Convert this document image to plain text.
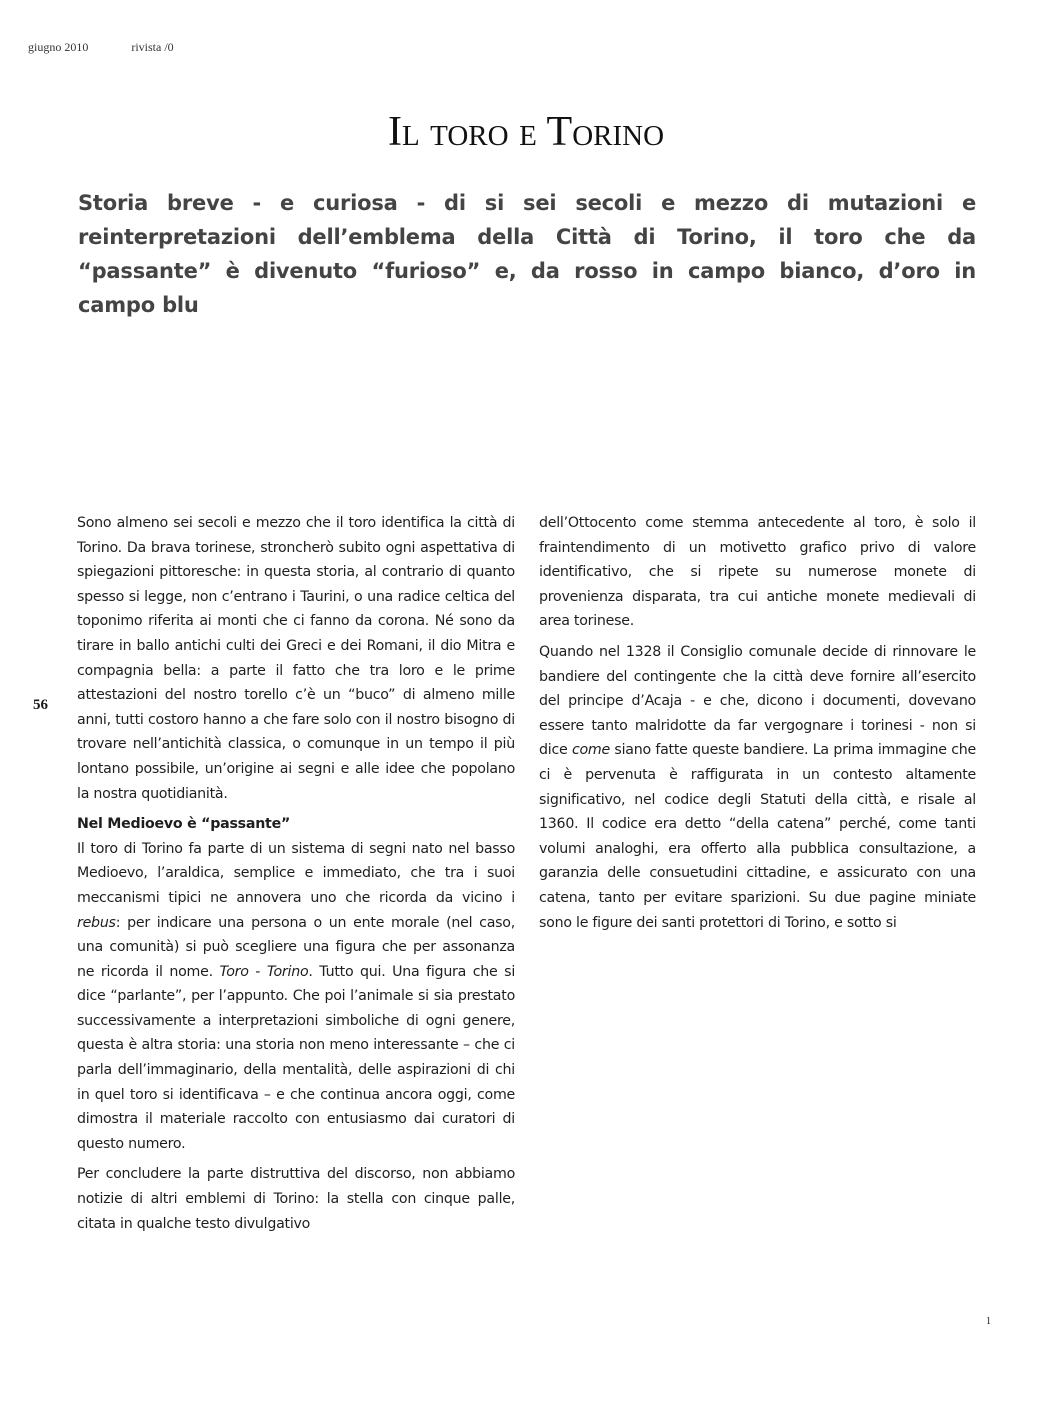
giugno 2010	rivista /0
Il toro e Torino

Storia breve - e curiosa - di si sei secoli e mezzo di mutazioni e reinterpretazioni dell’emblema della Città di Torino, il toro che da “passante” è divenuto “furioso” e, da rosso in campo bianco, d’oro in campo blu

56

Sono almeno sei secoli e mezzo che il toro identifica la città di Torino. Da brava torinese, stroncherò subito ogni aspettativa di spiegazioni pittoresche: in questa storia, al contrario di quanto spesso si legge, non c’entrano i Taurini, o una radice celtica del toponimo riferita ai monti che ci fanno da corona. Né sono da tirare in ballo antichi culti dei Greci e dei Romani, il dio Mitra e compagnia bella: a parte il fatto che tra loro e le prime attestazioni del nostro torello c’è un “buco” di almeno mille anni, tutti costoro hanno a che fare solo con il nostro bisogno di trovare nell’antichità classica, o comunque in un tempo il più lontano possibile, un’origine ai segni e alle idee che popolano la nostra quotidianità.

Nel Medioevo è “passante”

Il toro di Torino fa parte di un sistema di segni nato nel basso Medioevo, l’araldica, semplice e immediato, che tra i suoi meccanismi tipici ne annovera uno che ricorda da vicino i rebus: per indicare una persona o un ente morale (nel caso, una comunità) si può scegliere una figura che per assonanza ne ricorda il nome. Toro - Torino. Tutto qui. Una figura che si dice “parlante”, per l’appunto. Che poi l’animale si sia prestato successivamente a interpretazioni simboliche di ogni genere, questa è altra storia: una storia non meno interessante – che ci parla dell’immaginario, della mentalità, delle aspirazioni di chi in quel toro si identificava – e che continua ancora oggi, come dimostra il materiale raccolto con entusiasmo dai curatori di questo numero.

Per concludere la parte distruttiva del discorso, non abbiamo notizie di altri emblemi di Torino: la stella con cinque palle, citata in qualche testo divulgativo

dell’Ottocento come stemma antecedente al toro, è solo il fraintendimento di un motivetto grafico privo di valore identificativo, che si ripete su numerose monete di provenienza disparata, tra cui antiche monete medievali di area torinese.

Quando nel 1328 il Consiglio comunale decide di rinnovare le bandiere del contingente che la città deve fornire all’esercito del principe d’Acaja - e che, dicono i documenti, dovevano essere tanto malridotte da far vergognare i torinesi - non si dice come siano fatte queste bandiere. La prima immagine che ci è pervenuta è raffigurata in un contesto altamente significativo, nel codice degli Statuti della città, e risale al 1360. Il codice era detto “della catena” perché, come tanti volumi analoghi, era offerto alla pubblica consultazione, a garanzia delle consuetudini cittadine, e assicurato con una catena, tanto per evitare sparizioni. Su due pagine miniate sono le figure dei santi protettori di Torino, e sotto si

1
